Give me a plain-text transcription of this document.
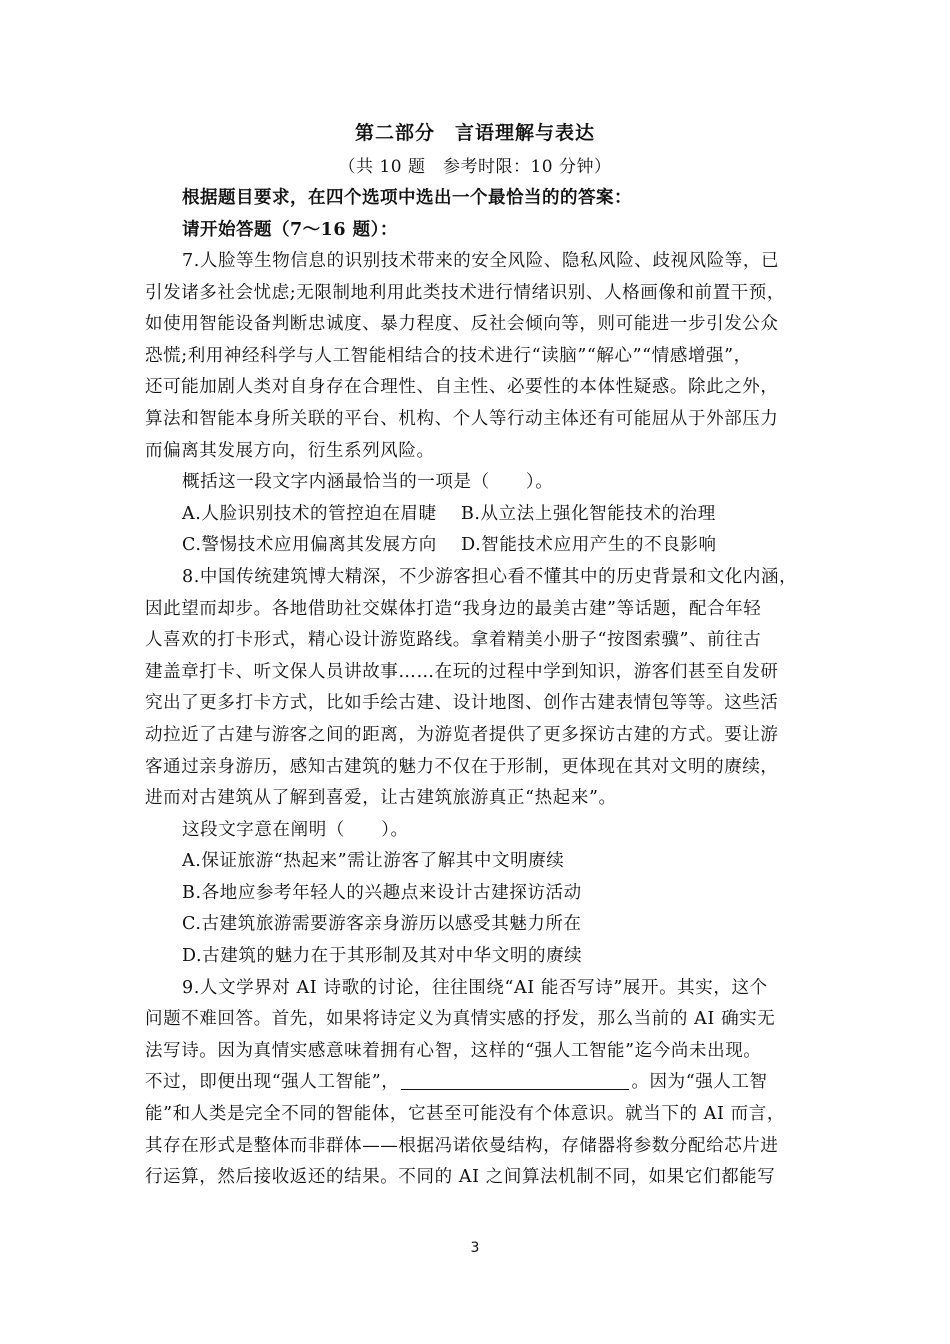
第二部分　言语理解与表达
（共 10 题　参考时限：10 分钟）
根据题目要求，在四个选项中选出一个最恰当的的答案：
请开始答题（7～16 题）：
7.人脸等生物信息的识别技术带来的安全风险、隐私风险、歧视风险等，已
引发诸多社会忧虑;无限制地利用此类技术进行情绪识别、人格画像和前置干预，
如使用智能设备判断忠诚度、暴力程度、反社会倾向等，则可能进一步引发公众
恐慌;利用神经科学与人工智能相结合的技术进行“读脑”“解心”“情感增强”，
还可能加剧人类对自身存在合理性、自主性、必要性的本体性疑惑。除此之外，
算法和智能本身所关联的平台、机构、个人等行动主体还有可能屈从于外部压力
而偏离其发展方向，衍生系列风险。
概括这一段文字内涵最恰当的一项是（　　）。
A.人脸识别技术的管控迫在眉睫　 B.从立法上强化智能技术的治理
C.警惕技术应用偏离其发展方向　 D.智能技术应用产生的不良影响
8.中国传统建筑博大精深，不少游客担心看不懂其中的历史背景和文化内涵，
因此望而却步。各地借助社交媒体打造“我身边的最美古建”等话题，配合年轻
人喜欢的打卡形式，精心设计游览路线。拿着精美小册子“按图索骥”、前往古
建盖章打卡、听文保人员讲故事……在玩的过程中学到知识，游客们甚至自发研
究出了更多打卡方式，比如手绘古建、设计地图、创作古建表情包等等。这些活
动拉近了古建与游客之间的距离，为游览者提供了更多探访古建的方式。要让游
客通过亲身游历，感知古建筑的魅力不仅在于形制，更体现在其对文明的赓续，
进而对古建筑从了解到喜爱，让古建筑旅游真正“热起来”。
这段文字意在阐明（　　）。
A.保证旅游“热起来”需让游客了解其中文明赓续
B.各地应参考年轻人的兴趣点来设计古建探访活动
C.古建筑旅游需要游客亲身游历以感受其魅力所在
D.古建筑的魅力在于其形制及其对中华文明的赓续
9.人文学界对 AI 诗歌的讨论，往往围绕“AI 能否写诗”展开。其实，这个
问题不难回答。首先，如果将诗定义为真情实感的抒发，那么当前的 AI 确实无
法写诗。因为真情实感意味着拥有心智，这样的“强人工智能”迄今尚未出现。
不过，即便出现“强人工智能”，	。因为“强人工智
能”和人类是完全不同的智能体，它甚至可能没有个体意识。就当下的 AI 而言，
其存在形式是整体而非群体——根据冯诺依曼结构，存储器将参数分配给芯片进
行运算，然后接收返还的结果。不同的 AI 之间算法机制不同，如果它们都能写
3
